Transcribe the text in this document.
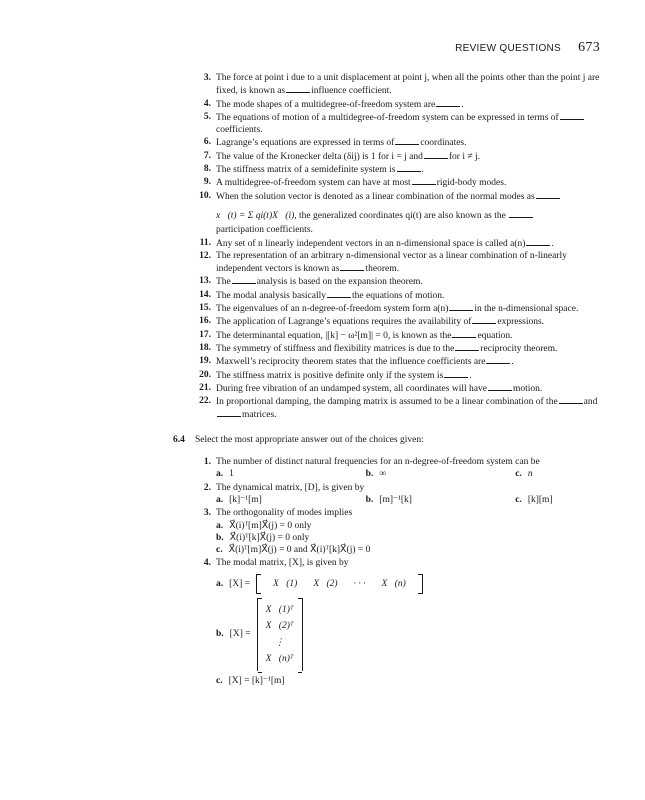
REVIEW QUESTIONS 673
3. The force at point i due to a unit displacement at point j, when all the points other than the point j are fixed, is known as	influence coefficient.
4. The mode shapes of a multidegree-of-freedom system are	.
5. The equations of motion of a multidegree-of-freedom system can be expressed in terms ofcoefficients.
6. Lagrange’s equations are expressed in terms of	coordinates.
7. The value of the Kronecker delta (δij) is 1 for i = j and	for i ≠ j.
8. The stiffness matrix of a semidefinite system is	.
9. A multidegree-of-freedom system can have at most	rigid-body modes.
10. When the solution vector is denoted as a linear combination of the normal modes as
x⃗(t) = Σ qi(t)X⃗(i), the generalized coordinates qi(t) are also known as the
participation coefficients.
11. Any set of n linearly independent vectors in an n-dimensional space is called a(n)	.
12. The representation of an arbitrary n-dimensional vector as a linear combination of n-linearly independent vectors is known as	theorem.
13. The	analysis is based on the expansion theorem.
14. The modal analysis basically	the equations of motion.
15. The eigenvalues of an n-degree-of-freedom system form a(n)	in the n-dimensional space.
16. The application of Lagrange’s equations requires the availability of	expressions.
17. The determinantal equation, |[k] − ω²[m]| = 0, is known as the	equation.
18. The symmetry of stiffness and flexibility matrices is due to the	reciprocity theorem.
19. Maxwell’s reciprocity theorem states that the influence coefficients are	.
20. The stiffness matrix is positive definite only if the system is	.
21. During free vibration of an undamped system, all coordinates will have	motion.
22. In proportional damping, the damping matrix is assumed to be a linear combination of the	andmatrices.
6.4 Select the most appropriate answer out of the choices given:
1. The number of distinct natural frequencies for an n-degree-of-freedom system can be
a. 1	b. ∞	c. n
2. The dynamical matrix, [D], is given by
a. [k]⁻¹[m]	b. [m]⁻¹[k]	c. [k][m]
3. The orthogonality of modes implies
a. X⃗(i)ᵀ[m]X⃗(j) = 0 only
b. X⃗(i)ᵀ[k]X⃗(j) = 0 only
c. X⃗(i)ᵀ[m]X⃗(j) = 0 and X⃗(i)ᵀ[k]X⃗(j) = 0
4. The modal matrix, [X], is given by
a. [X] = X⃗(1) X⃗(2) · · · X⃗(n)
b. [X] =
X⃗(1)ᵀ
X⃗(2)ᵀ
⋮
X⃗(n)ᵀ
c. [X] = [k]⁻¹[m]
